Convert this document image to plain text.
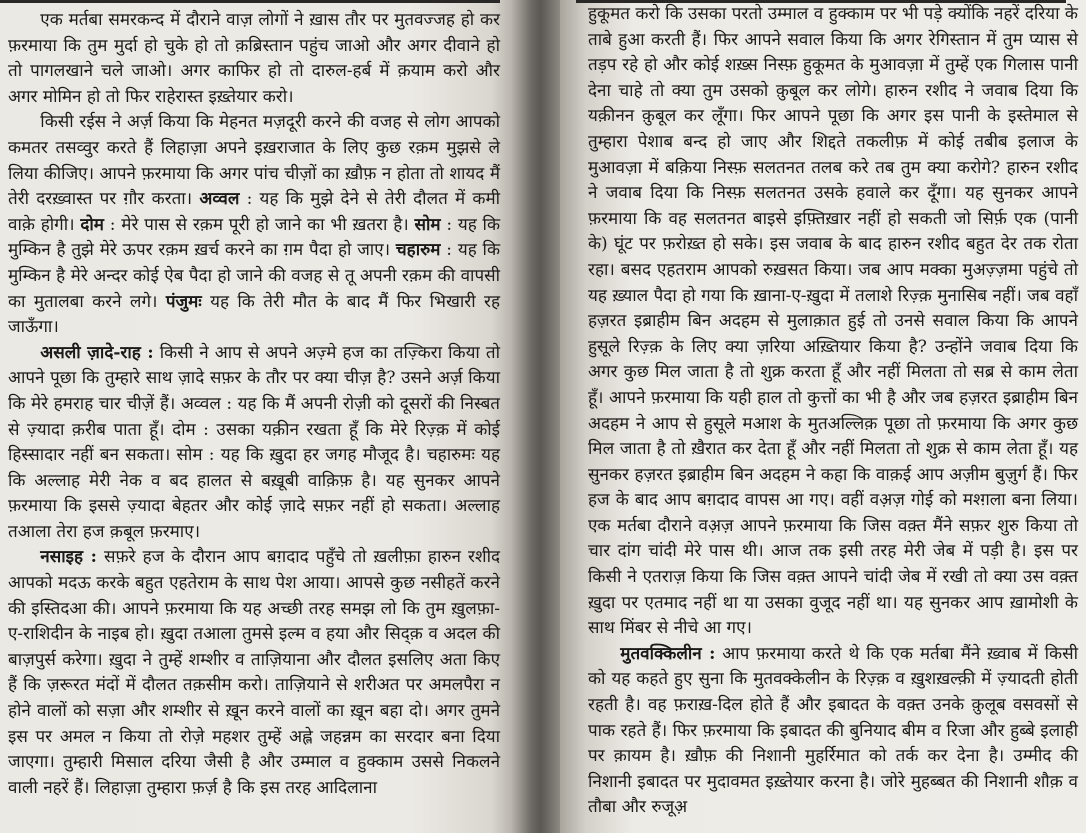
एक मर्तबा समरकन्द में दौराने वाज़ लोगों ने ख़ास तौर पर मुतवज्जह हो कर फ़रमाया कि तुम मुर्दा हो चुके हो तो क़ब्रिस्तान पहुंच जाओ और अगर दीवाने हो तो पागलखाने चले जाओ। अगर काफिर हो तो दारुल-हर्ब में क़याम करो और अगर मोमिन हो तो फिर राहेरास्त इख़्तेयार करो।

किसी रईस ने अर्ज़ किया कि मेहनत मज़दूरी करने की वजह से लोग आपको कमतर तसव्वुर करते हैं लिहाज़ा अपने इख़राजात के लिए कुछ रक़म मुझसे ले लिया कीजिए। आपने फ़रमाया कि अगर पांच चीज़ों का ख़ौफ़ न होता तो शायद मैं तेरी दरख़्वास्त पर ग़ौर करता। अव्वल : यह कि मुझे देने से तेरी दौलत में कमी वाक़े होगी। दोम : मेरे पास से रक़म पूरी हो जाने का भी ख़तरा है। सोम : यह कि मुम्किन है तुझे मेरे ऊपर रक़म ख़र्च करने का ग़म पैदा हो जाए। चहारुम : यह कि मुम्किन है मेरे अन्दर कोई ऐब पैदा हो जाने की वजह से तू अपनी रक़म की वापसी का मुतालबा करने लगे। पंजुमः यह कि तेरी मौत के बाद मैं फिर भिखारी रह जाऊँगा।

असली ज़ादे-राह : किसी ने आप से अपने अज़्मे हज का तज़्किरा किया तो आपने पूछा कि तुम्हारे साथ ज़ादे सफ़र के तौर पर क्या चीज़ है? उसने अर्ज़ किया कि मेरे हमराह चार चीज़ें हैं। अव्वल : यह कि मैं अपनी रोज़ी को दूसरों की निस्बत से ज़्यादा क़रीब पाता हूँ। दोम : उसका यक़ीन रखता हूँ कि मेरे रिज़्क़ में कोई हिस्सादार नहीं बन सकता। सोम : यह कि ख़ुदा हर जगह मौजूद है। चहारुमः यह कि अल्लाह मेरी नेक व बद हालत से बख़ूबी वाक़िफ़ है। यह सुनकर आपने फ़रमाया कि इससे ज़्यादा बेहतर और कोई ज़ादे सफ़र नहीं हो सकता। अल्लाह तआला तेरा हज क़बूल फ़रमाए।

नसाइह : सफ़रे हज के दौरान आप बग़दाद पहुँचे तो ख़लीफ़ा हारुन रशीद आपको मदऊ करके बहुत एहतेराम के साथ पेश आया। आपसे कुछ नसीहतें करने की इस्तिदआ की। आपने फ़रमाया कि यह अच्छी तरह समझ लो कि तुम ख़ुलफ़ा-ए-राशिदीन के नाइब हो। ख़ुदा तआला तुमसे इल्म व हया और सिद्क़ व अदल की बाज़पुर्स करेगा। ख़ुदा ने तुम्हें शम्शीर व ताज़ियाना और दौलत इसलिए अता किए हैं कि ज़रूरत मंदों में दौलत तक़सीम करो। ताज़ियाने से शरीअत पर अमलपैरा न होने वालों को सज़ा और शम्शीर से ख़ून करने वालों का ख़ून बहा दो। अगर तुमने इस पर अमल न किया तो रोज़े महशर तुम्हें अह्ले जहन्नम का सरदार बना दिया जाएगा। तुम्हारी मिसाल दरिया जैसी है और उम्माल व हुक्काम उससे निकलने वाली नहरें हैं। लिहाज़ा तुम्हारा फ़र्ज़ है कि इस तरह आदिलाना

हुकूमत करो कि उसका परतो उम्माल व हुक्काम पर भी पड़े क्योंकि नहरें दरिया के ताबे हुआ करती हैं। फिर आपने सवाल किया कि अगर रेगिस्तान में तुम प्यास से तड़प रहे हो और कोई शख़्स निस्फ़ हुकूमत के मुआवज़ा में तुम्हें एक गिलास पानी देना चाहे तो क्या तुम उसको क़ुबूल कर लोगे। हारुन रशीद ने जवाब दिया कि यक़ीनन क़ुबूल कर लूँगा। फिर आपने पूछा कि अगर इस पानी के इस्तेमाल से तुम्हारा पेशाब बन्द हो जाए और शिद्दते तकलीफ़ में कोई तबीब इलाज के मुआवज़ा में बक़िया निस्फ़ सलतनत तलब करे तब तुम क्या करोगे? हारुन रशीद ने जवाब दिया कि निस्फ़ सलतनत उसके हवाले कर दूँगा। यह सुनकर आपने फ़रमाया कि वह सलतनत बाइसे इफ़्तिख़ार नहीं हो सकती जो सिर्फ़ एक (पानी के) घूंट पर फ़रोख़्त हो सके। इस जवाब के बाद हारुन रशीद बहुत देर तक रोता रहा। बसद एहतराम आपको रुख़सत किया। जब आप मक्का मुअज़्ज़मा पहुंचे तो यह ख़्याल पैदा हो गया कि ख़ाना-ए-ख़ुदा में तलाशे रिज़्क़ मुनासिब नहीं। जब वहाँ हज़रत इब्राहीम बिन अदहम से मुलाक़ात हुई तो उनसे सवाल किया कि आपने हुसूले रिज़्क़ के लिए क्या ज़रिया अख़्तियार किया है? उन्होंने जवाब दिया कि अगर कुछ मिल जाता है तो शुक्र करता हूँ और नहीं मिलता तो सब्र से काम लेता हूँ। आपने फ़रमाया कि यही हाल तो कुत्तों का भी है और जब हज़रत इब्राहीम बिन अदहम ने आप से हुसूले मआश के मुतअल्लिक़ पूछा तो फ़रमाया कि अगर कुछ मिल जाता है तो ख़ैरात कर देता हूँ और नहीं मिलता तो शुक्र से काम लेता हूँ। यह सुनकर हज़रत इब्राहीम बिन अदहम ने कहा कि वाक़ई आप अज़ीम बुज़ुर्ग हैं। फिर हज के बाद आप बग़दाद वापस आ गए। वहीं वअ़ज़ गोई को मश्ग़ला बना लिया। एक मर्तबा दौराने वअ़ज़ आपने फ़रमाया कि जिस वक़्त मैंने सफ़र शुरु किया तो चार दांग चांदी मेरे पास थी। आज तक इसी तरह मेरी जेब में पड़ी है। इस पर किसी ने एतराज़ किया कि जिस वक़्त आपने चांदी जेब में रखी तो क्या उस वक़्त ख़ुदा पर एतमाद नहीं था या उसका वुजूद नहीं था। यह सुनकर आप ख़ामोशी के साथ मिंबर से नीचे आ गए।

मुतवक्किलीन : आप फ़रमाया करते थे कि एक मर्तबा मैंने ख़्वाब में किसी को यह कहते हुए सुना कि मुतवक्केलीन के रिज़्क़ व ख़ुशख़ल्क़ी में ज़्यादती होती रहती है। वह फ़राख़-दिल होते हैं और इबादत के वक़्त उनके क़ुलूब वसवसों से पाक रहते हैं। फिर फ़रमाया कि इबादत की बुनियाद बीम व रिजा और हुब्बे इलाही पर क़ायम है। ख़ौफ़ की निशानी मुहर्रिमात को तर्क कर देना है। उम्मीद की निशानी इबादत पर मुदावमत इख़्तेयार करना है। जोरे मुहब्बत की निशानी शौक़ व तौबा और रुजूअ़
